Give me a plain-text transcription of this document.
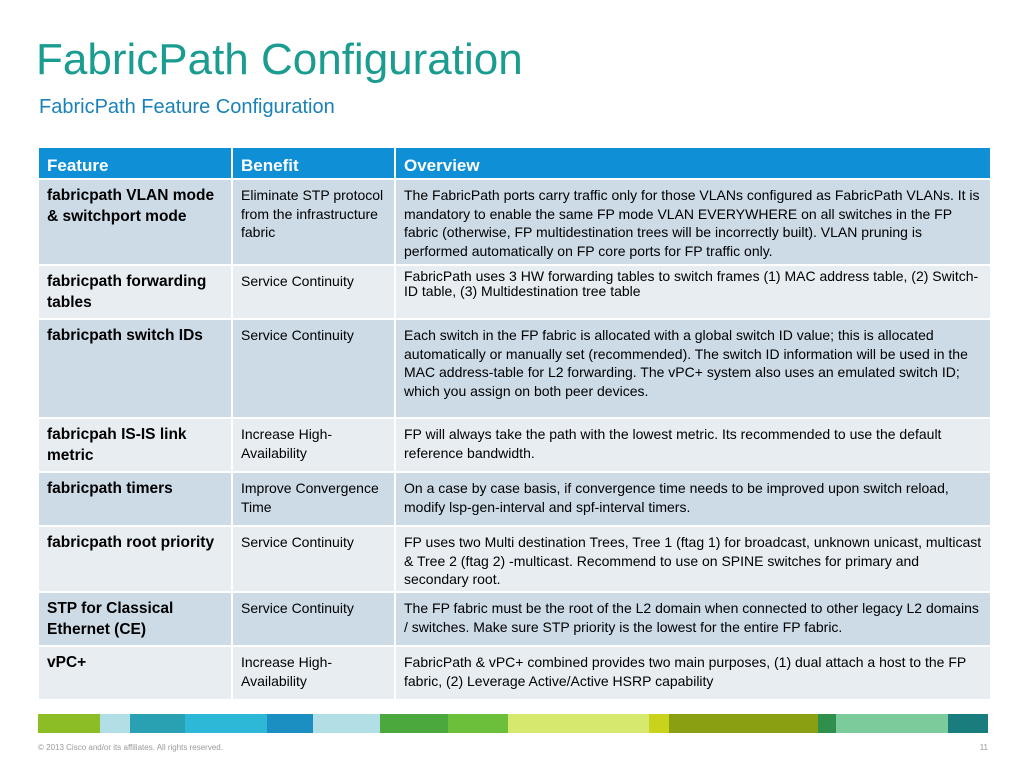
FabricPath Configuration
FabricPath Feature Configuration
Feature	Benefit	Overview
fabricpath VLAN mode & switchport mode	Eliminate STP protocol from the infrastructure fabric	The FabricPath ports carry traffic only for those VLANs configured as FabricPath VLANs. It is mandatory to enable the same FP mode VLAN EVERYWHERE on all switches in the FP fabric (otherwise, FP multidestination trees will be incorrectly built). VLAN pruning is performed automatically on FP core ports for FP traffic only.
fabricpath forwarding tables	Service Continuity	FabricPath uses 3 HW forwarding tables to switch frames (1) MAC address table, (2) Switch-ID table, (3) Multidestination tree table
fabricpath switch IDs	Service Continuity	Each switch in the FP fabric is allocated with a global switch ID value; this is allocated automatically or manually set (recommended). The switch ID information will be used in the MAC address-table for L2 forwarding. The vPC+ system also uses an emulated switch ID; which you assign on both peer devices.
fabricpah IS-IS link metric	Increase High-Availability	FP will always take the path with the lowest metric. Its recommended to use the default reference bandwidth.
fabricpath timers	Improve Convergence Time	On a case by case basis, if convergence time needs to be improved upon switch reload, modify lsp-gen-interval and spf-interval timers.
fabricpath root priority	Service Continuity	FP uses two Multi destination Trees, Tree 1 (ftag 1) for broadcast, unknown unicast, multicast & Tree 2 (ftag 2) -multicast. Recommend to use on SPINE switches for primary and secondary root.
STP for Classical Ethernet (CE)	Service Continuity	The FP fabric must be the root of the L2 domain when connected to other legacy L2 domains / switches. Make sure STP priority is the lowest for the entire FP fabric.
vPC+	Increase High-Availability	FabricPath & vPC+ combined provides two main purposes, (1) dual attach a host to the FP fabric, (2) Leverage Active/Active HSRP capability
© 2013 Cisco and/or its affiliates. All rights reserved.	11
